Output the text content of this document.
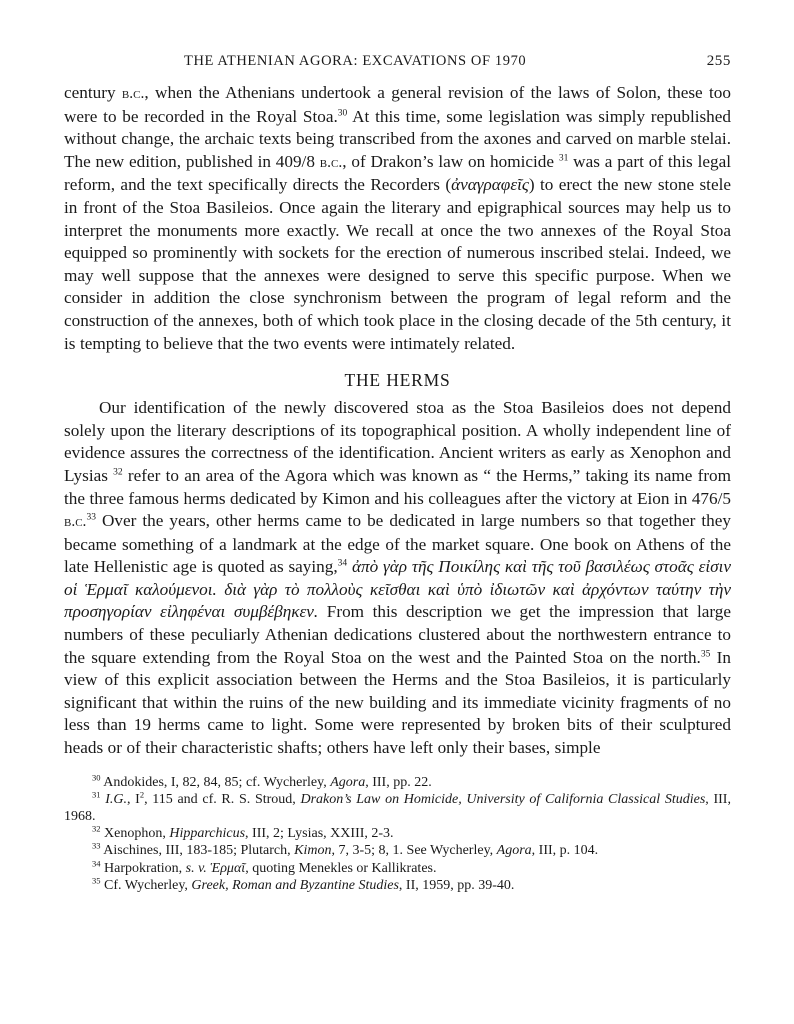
THE ATHENIAN AGORA: EXCAVATIONS OF 1970	255

century b.c., when the Athenians undertook a general revision of the laws of Solon, these too were to be recorded in the Royal Stoa.$^{30}$ At this time, some legislation was simply republished without change, the archaic texts being transcribed from the axones and carved on marble stelai. The new edition, published in 409/8 b.c., of Drakon’s law on homicide $^{31}$ was a part of this legal reform, and the text specifically directs the Recorders (ἀναγραφεῖς) to erect the new stone stele in front of the Stoa Basileios. Once again the literary and epigraphical sources may help us to interpret the monuments more exactly. We recall at once the two annexes of the Royal Stoa equipped so prominently with sockets for the erection of numerous inscribed stelai. Indeed, we may well suppose that the annexes were designed to serve this specific purpose. When we consider in addition the close synchronism between the program of legal reform and the construction of the annexes, both of which took place in the closing decade of the 5th century, it is tempting to believe that the two events were intimately related.

THE HERMS

Our identification of the newly discovered stoa as the Stoa Basileios does not depend solely upon the literary descriptions of its topographical position. A wholly independent line of evidence assures the correctness of the identification. Ancient writers as early as Xenophon and Lysias $^{32}$ refer to an area of the Agora which was known as “ the Herms,” taking its name from the three famous herms dedicated by Kimon and his colleagues after the victory at Eion in 476/5 b.c.$^{33}$ Over the years, other herms came to be dedicated in large numbers so that together they became something of a landmark at the edge of the market square. One book on Athens of the late Hellenistic age is quoted as saying,$^{34}$ ἀπὸ γὰρ τῆς Ποικίλης καὶ τῆς τοῦ βασιλέως στοᾶς εἰσιν οἱ Ἑρμαῖ καλούμενοι. διὰ γὰρ τὸ πολλοὺς κεῖσθαι καὶ ὑπὸ ἰδιωτῶν καὶ ἀρχόντων ταύτην τὴν προσηγορίαν εἰληφέναι συμβέβηκεν. From this description we get the impression that large numbers of these peculiarly Athenian dedications clustered about the northwestern entrance to the square extending from the Royal Stoa on the west and the Painted Stoa on the north.$^{35}$ In view of this explicit association between the Herms and the Stoa Basileios, it is particularly significant that within the ruins of the new building and its immediate vicinity fragments of no less than 19 herms came to light. Some were represented by broken bits of their sculptured heads or of their characteristic shafts; others have left only their bases, simple

$^{30}$ Andokides, I, 82, 84, 85; cf. Wycherley, Agora, III, pp. 22.

$^{31}$ I.G., $I^2$, 115 and cf. R. S. Stroud, Drakon’s Law on Homicide, University of California Classical Studies, III, 1968.

$^{32}$ Xenophon, Hipparchicus, III, 2; Lysias, XXIII, 2-3.

$^{33}$ Aischines, III, 183-185; Plutarch, Kimon, 7, 3-5; 8, 1. See Wycherley, Agora, III, p. 104.

$^{34}$ Harpokration, s. v. Ἑρμαῖ, quoting Menekles or Kallikrates.

$^{35}$ Cf. Wycherley, Greek, Roman and Byzantine Studies, II, 1959, pp. 39-40.
